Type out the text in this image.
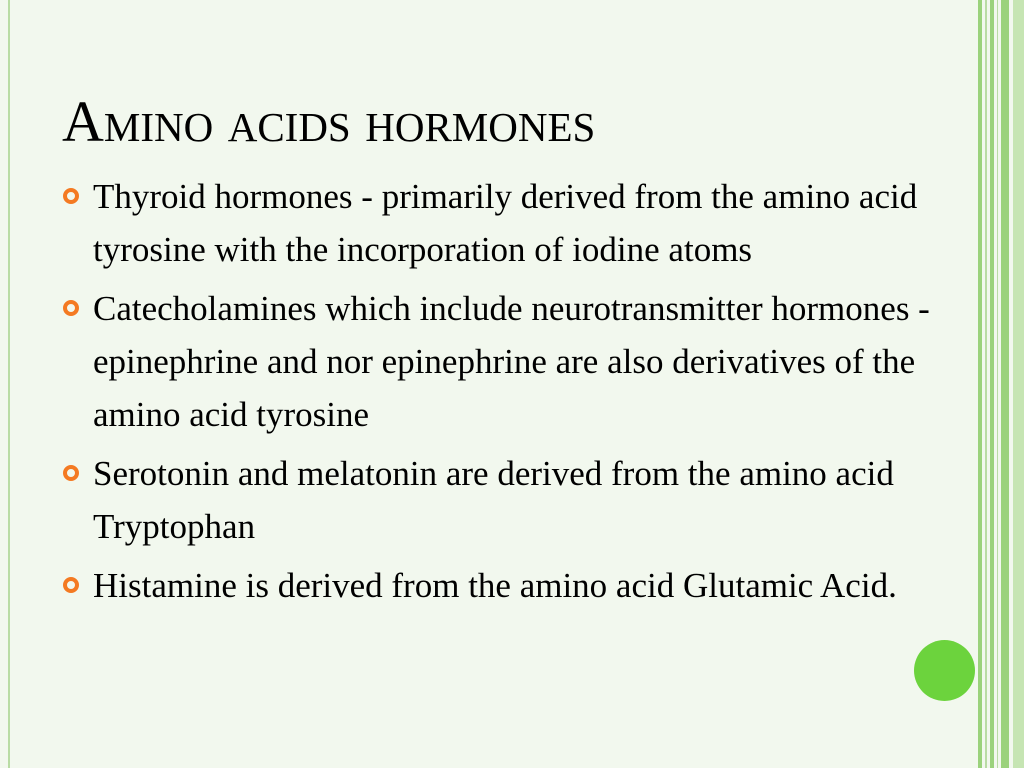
Amino acids hormones
Thyroid hormones - primarily derived from the amino acid tyrosine with the incorporation of iodine atoms
Catecholamines which include neurotransmitter hormones - epinephrine and nor epinephrine are also derivatives of the amino acid tyrosine
Serotonin and melatonin are derived from the amino acid Tryptophan
Histamine is derived from the amino acid Glutamic Acid.
